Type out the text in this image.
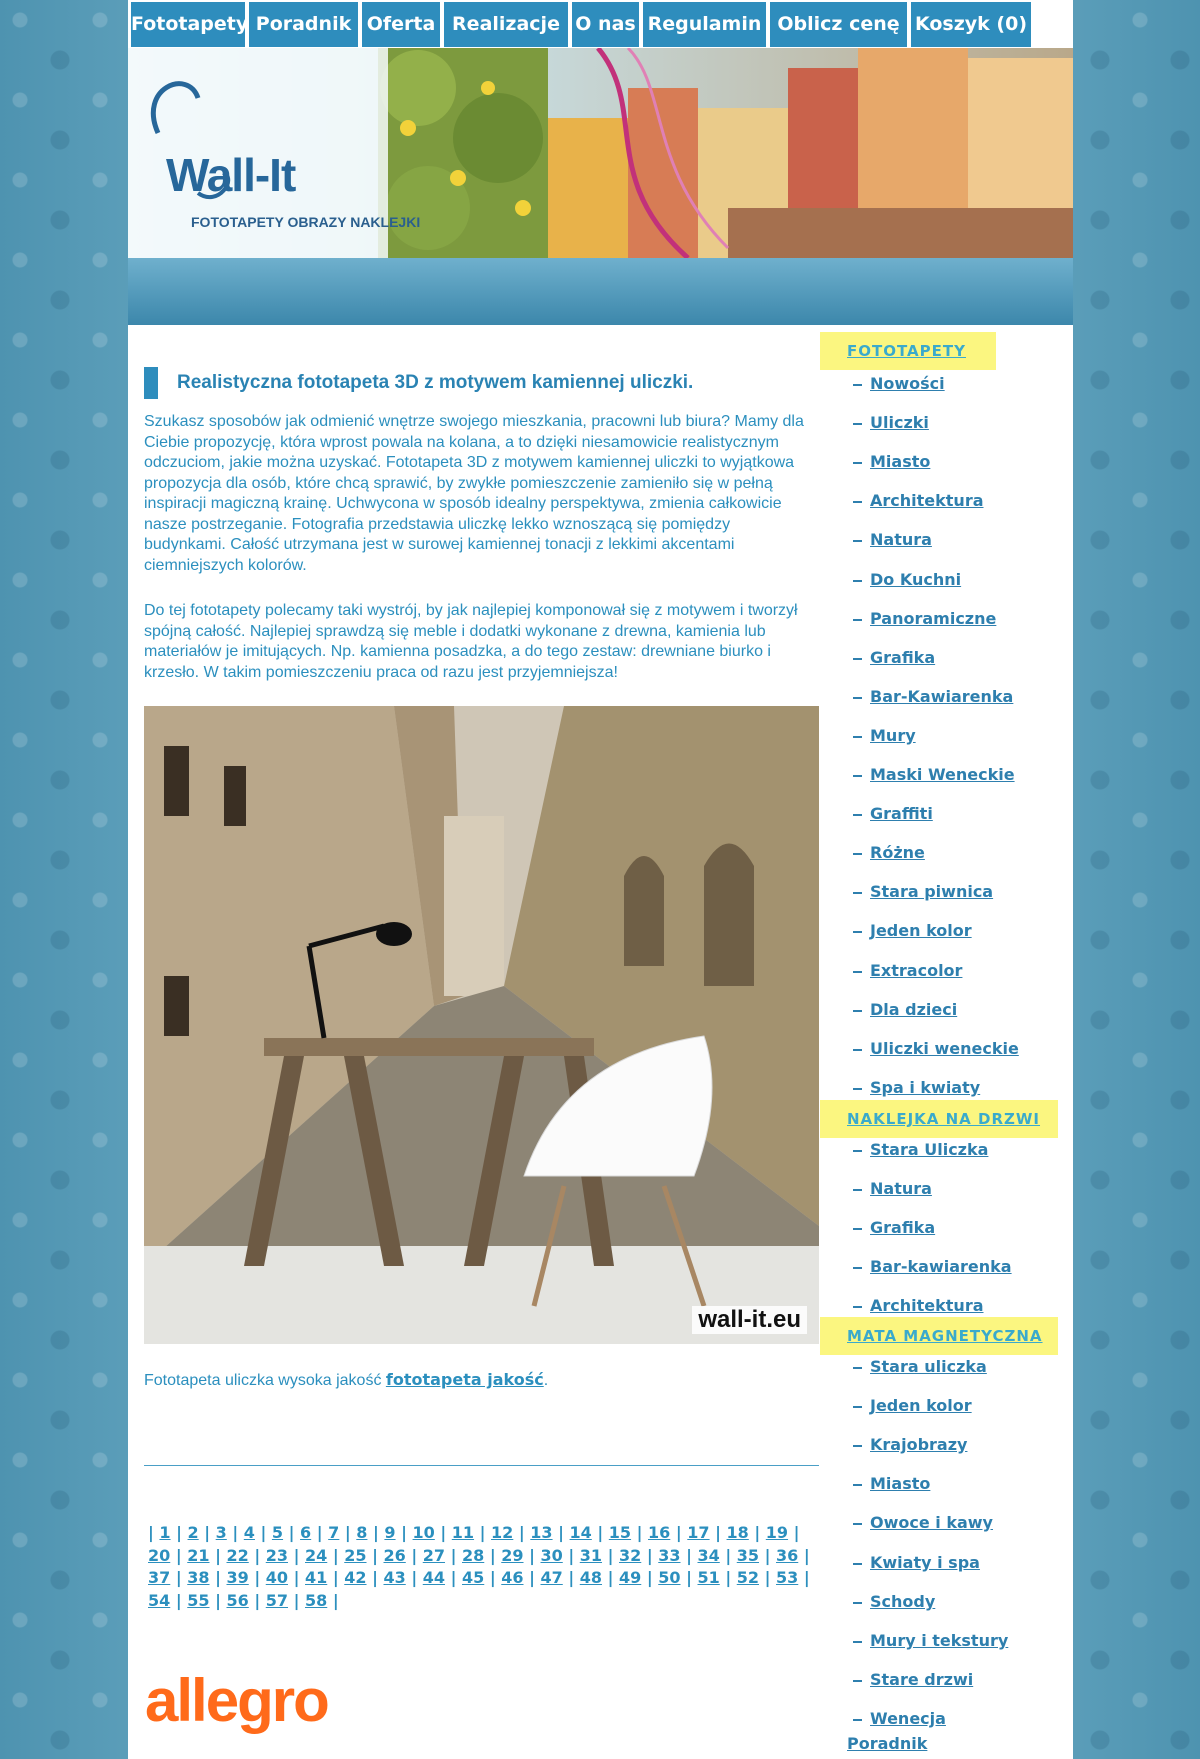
Fototapety Poradnik Oferta Realizacje O nas Regulamin Oblicz cenę Koszyk (0)
Wall-It
FOTOTAPETY OBRAZY NAKLEJKI
Realistyczna fototapeta 3D z motywem kamiennej uliczki.

Szukasz sposobów jak odmienić wnętrze swojego mieszkania, pracowni lub biura? Mamy dla Ciebie propozycję, która wprost powala na kolana, a to dzięki niesamowicie realistycznym odczuciom, jakie można uzyskać. Fototapeta 3D z motywem kamiennej uliczki to wyjątkowa propozycja dla osób, które chcą sprawić, by zwykłe pomieszczenie zamieniło się w pełną inspiracji magiczną krainę. Uchwycona w sposób idealny perspektywa, zmienia całkowicie nasze postrzeganie. Fotografia przedstawia uliczkę lekko wznoszącą się pomiędzy budynkami. Całość utrzymana jest w surowej kamiennej tonacji z lekkimi akcentami ciemniejszych kolorów.

Do tej fototapety polecamy taki wystrój, by jak najlepiej komponował się z motywem i tworzył spójną całość. Najlepiej sprawdzą się meble i dodatki wykonane z drewna, kamienia lub materiałów je imitujących. Np. kamienna posadzka, a do tego zestaw: drewniane biurko i krzesło. W takim pomieszczeniu praca od razu jest przyjemniejsza!

wall-it.eu
Fototapeta uliczka wysoka jakość fototapeta jakość.
| 1 | 2 | 3 | 4 | 5 | 6 | 7 | 8 | 9 | 10 | 11 | 12 | 13 | 14 | 15 | 16 | 17 | 18 | 19 | 20 | 21 | 22 | 23 | 24 | 25 | 26 | 27 | 28 | 29 | 30 | 31 | 32 | 33 | 34 | 35 | 36 | 37 | 38 | 39 | 40 | 41 | 42 | 43 | 44 | 45 | 46 | 47 | 48 | 49 | 50 | 51 | 52 | 53 | 54 | 55 | 56 | 57 | 58 |
allegro
FOTOTAPETY
NAKLEJKA NA DRZWI
MATA MAGNETYCZNA
Nowości
Uliczki
Miasto
Architektura
Natura
Do Kuchni
Panoramiczne
Grafika
Bar-Kawiarenka
Mury
Maski Weneckie
Graffiti
Różne
Stara piwnica
Jeden kolor
Extracolor
Dla dzieci
Uliczki weneckie
Spa i kwiaty
Stara Uliczka
Natura
Grafika
Bar-kawiarenka
Architektura
Stara uliczka
Jeden kolor
Krajobrazy
Miasto
Owoce i kawy
Kwiaty i spa
Schody
Mury i tekstury
Stare drzwi
Wenecja
Poradnik
